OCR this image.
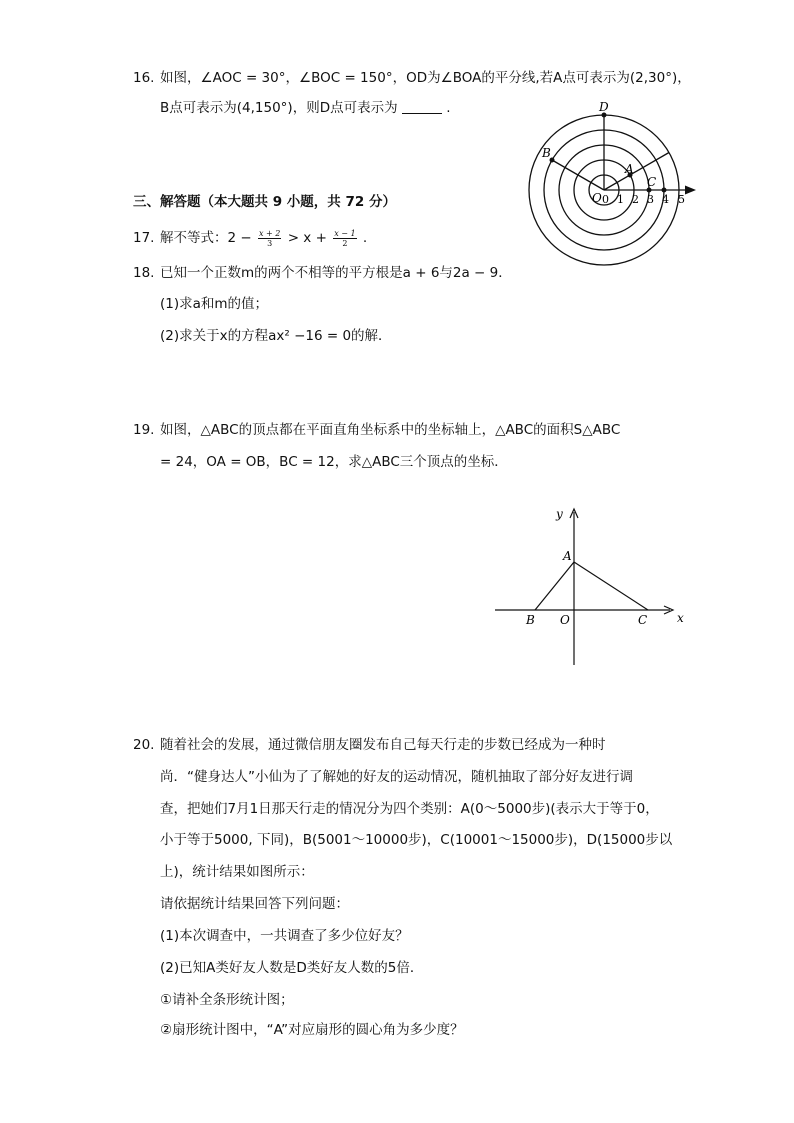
16. 如图，∠AOC = 30°，∠BOC = 150°，OD为∠BOA的平分线,若A点可表示为(2,30°)，
B点可表示为(4,150°)，则D点可表示为	.	D
B
A
C
O 0 1 2 3 4 5
三、解答题（本大题共 9 小题，共 72 分）
17. 解不等式：$2 - \frac{x + 2}{3} > x + \frac{x - 1}{2}$ .
18. 已知一个正数m的两个不相等的平方根是a + 6与2a − 9．
(1)求a和m的值；
(2)求关于x的方程ax² −16 = 0的解．
19. 如图，△ABC的顶点都在平面直角坐标系中的坐标轴上，△ABC的面积S△ABC
= 24，OA = OB，BC = 12，求△ABC三个顶点的坐标．
y
x
A
B O	C
20. 随着社会的发展，通过微信朋友圈发布自己每天行走的步数已经成为一种时
尚．“健身达人”小仙为了了解她的好友的运动情况，随机抽取了部分好友进行调
查，把她们7月1日那天行走的情况分为四个类别：A(0～5000步)(表示大于等于0，
小于等于5000, 下同)，B(5001～10000步)，C(10001～15000步)，D(15000步以
上)，统计结果如图所示：
请依据统计结果回答下列问题：
(1)本次调查中，一共调查了多少位好友？
(2)已知A类好友人数是D类好友人数的5倍．
①请补全条形统计图；
②扇形统计图中，“A”对应扇形的圆心角为多少度？
